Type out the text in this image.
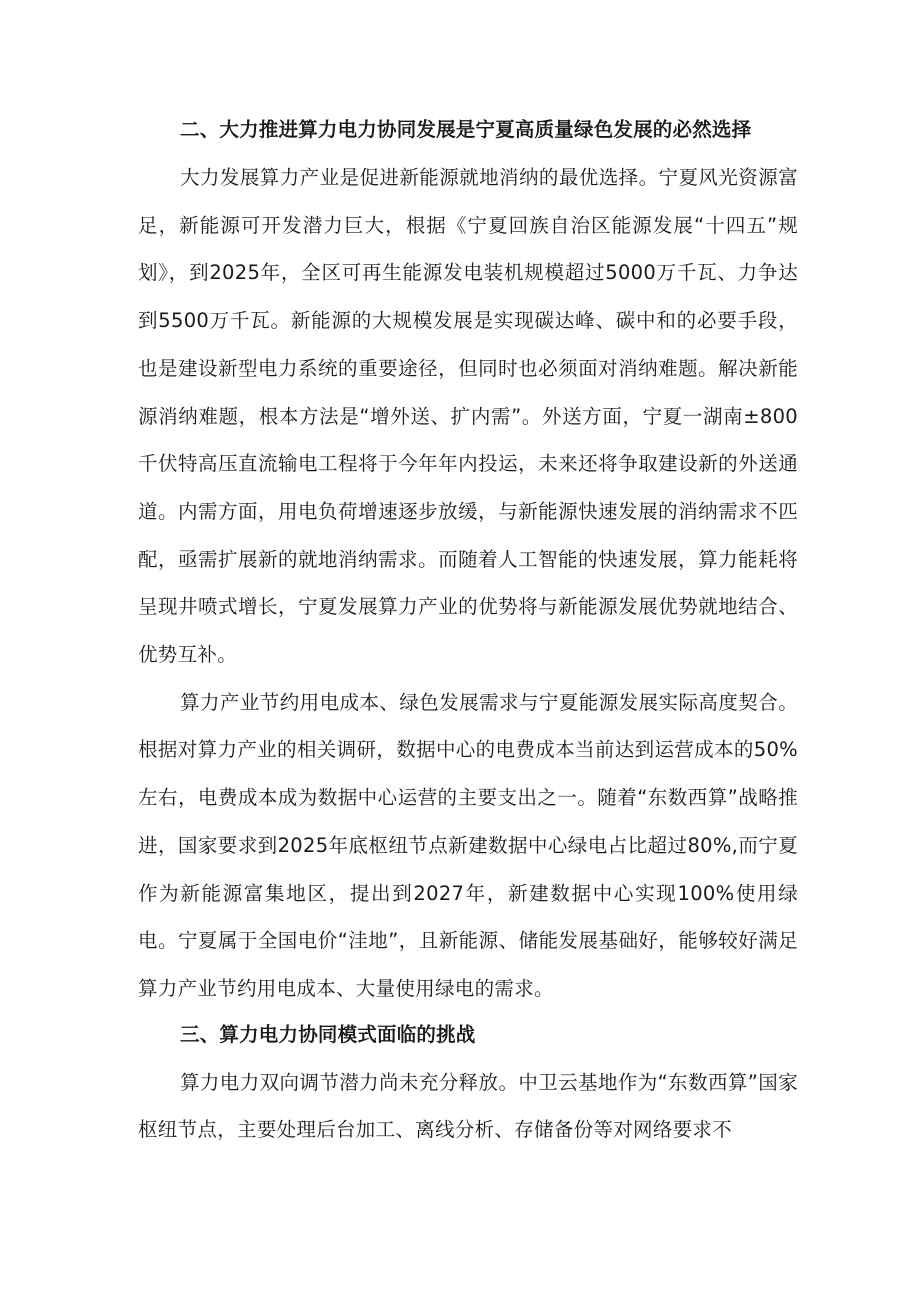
二、大力推进算力电力协同发展是宁夏高质量绿色发展的必然选择

大力发展算力产业是促进新能源就地消纳的最优选择。宁夏风光资源富足，新能源可开发潜力巨大，根据《宁夏回族自治区能源发展“十四五”规划》，到2025年，全区可再生能源发电装机规模超过5000万千瓦、力争达到5500万千瓦。新能源的大规模发展是实现碳达峰、碳中和的必要手段，也是建设新型电力系统的重要途径，但同时也必须面对消纳难题。解决新能源消纳难题，根本方法是“增外送、扩内需”。外送方面，宁夏一湖南±800千伏特高压直流输电工程将于今年年内投运，未来还将争取建设新的外送通道。内需方面，用电负荷增速逐步放缓，与新能源快速发展的消纳需求不匹配，亟需扩展新的就地消纳需求。而随着人工智能的快速发展，算力能耗将呈现井喷式增长，宁夏发展算力产业的优势将与新能源发展优势就地结合、优势互补。

算力产业节约用电成本、绿色发展需求与宁夏能源发展实际高度契合。根据对算力产业的相关调研，数据中心的电费成本当前达到运营成本的50%左右，电费成本成为数据中心运营的主要支出之一。随着“东数西算”战略推进，国家要求到2025年底枢纽节点新建数据中心绿电占比超过80%,而宁夏作为新能源富集地区，提出到2027年，新建数据中心实现100%使用绿电。宁夏属于全国电价“洼地”，且新能源、储能发展基础好，能够较好满足算力产业节约用电成本、大量使用绿电的需求。

三、算力电力协同模式面临的挑战

算力电力双向调节潜力尚未充分释放。中卫云基地作为“东数西算”国家枢纽节点，主要处理后台加工、离线分析、存储备份等对网络要求不
